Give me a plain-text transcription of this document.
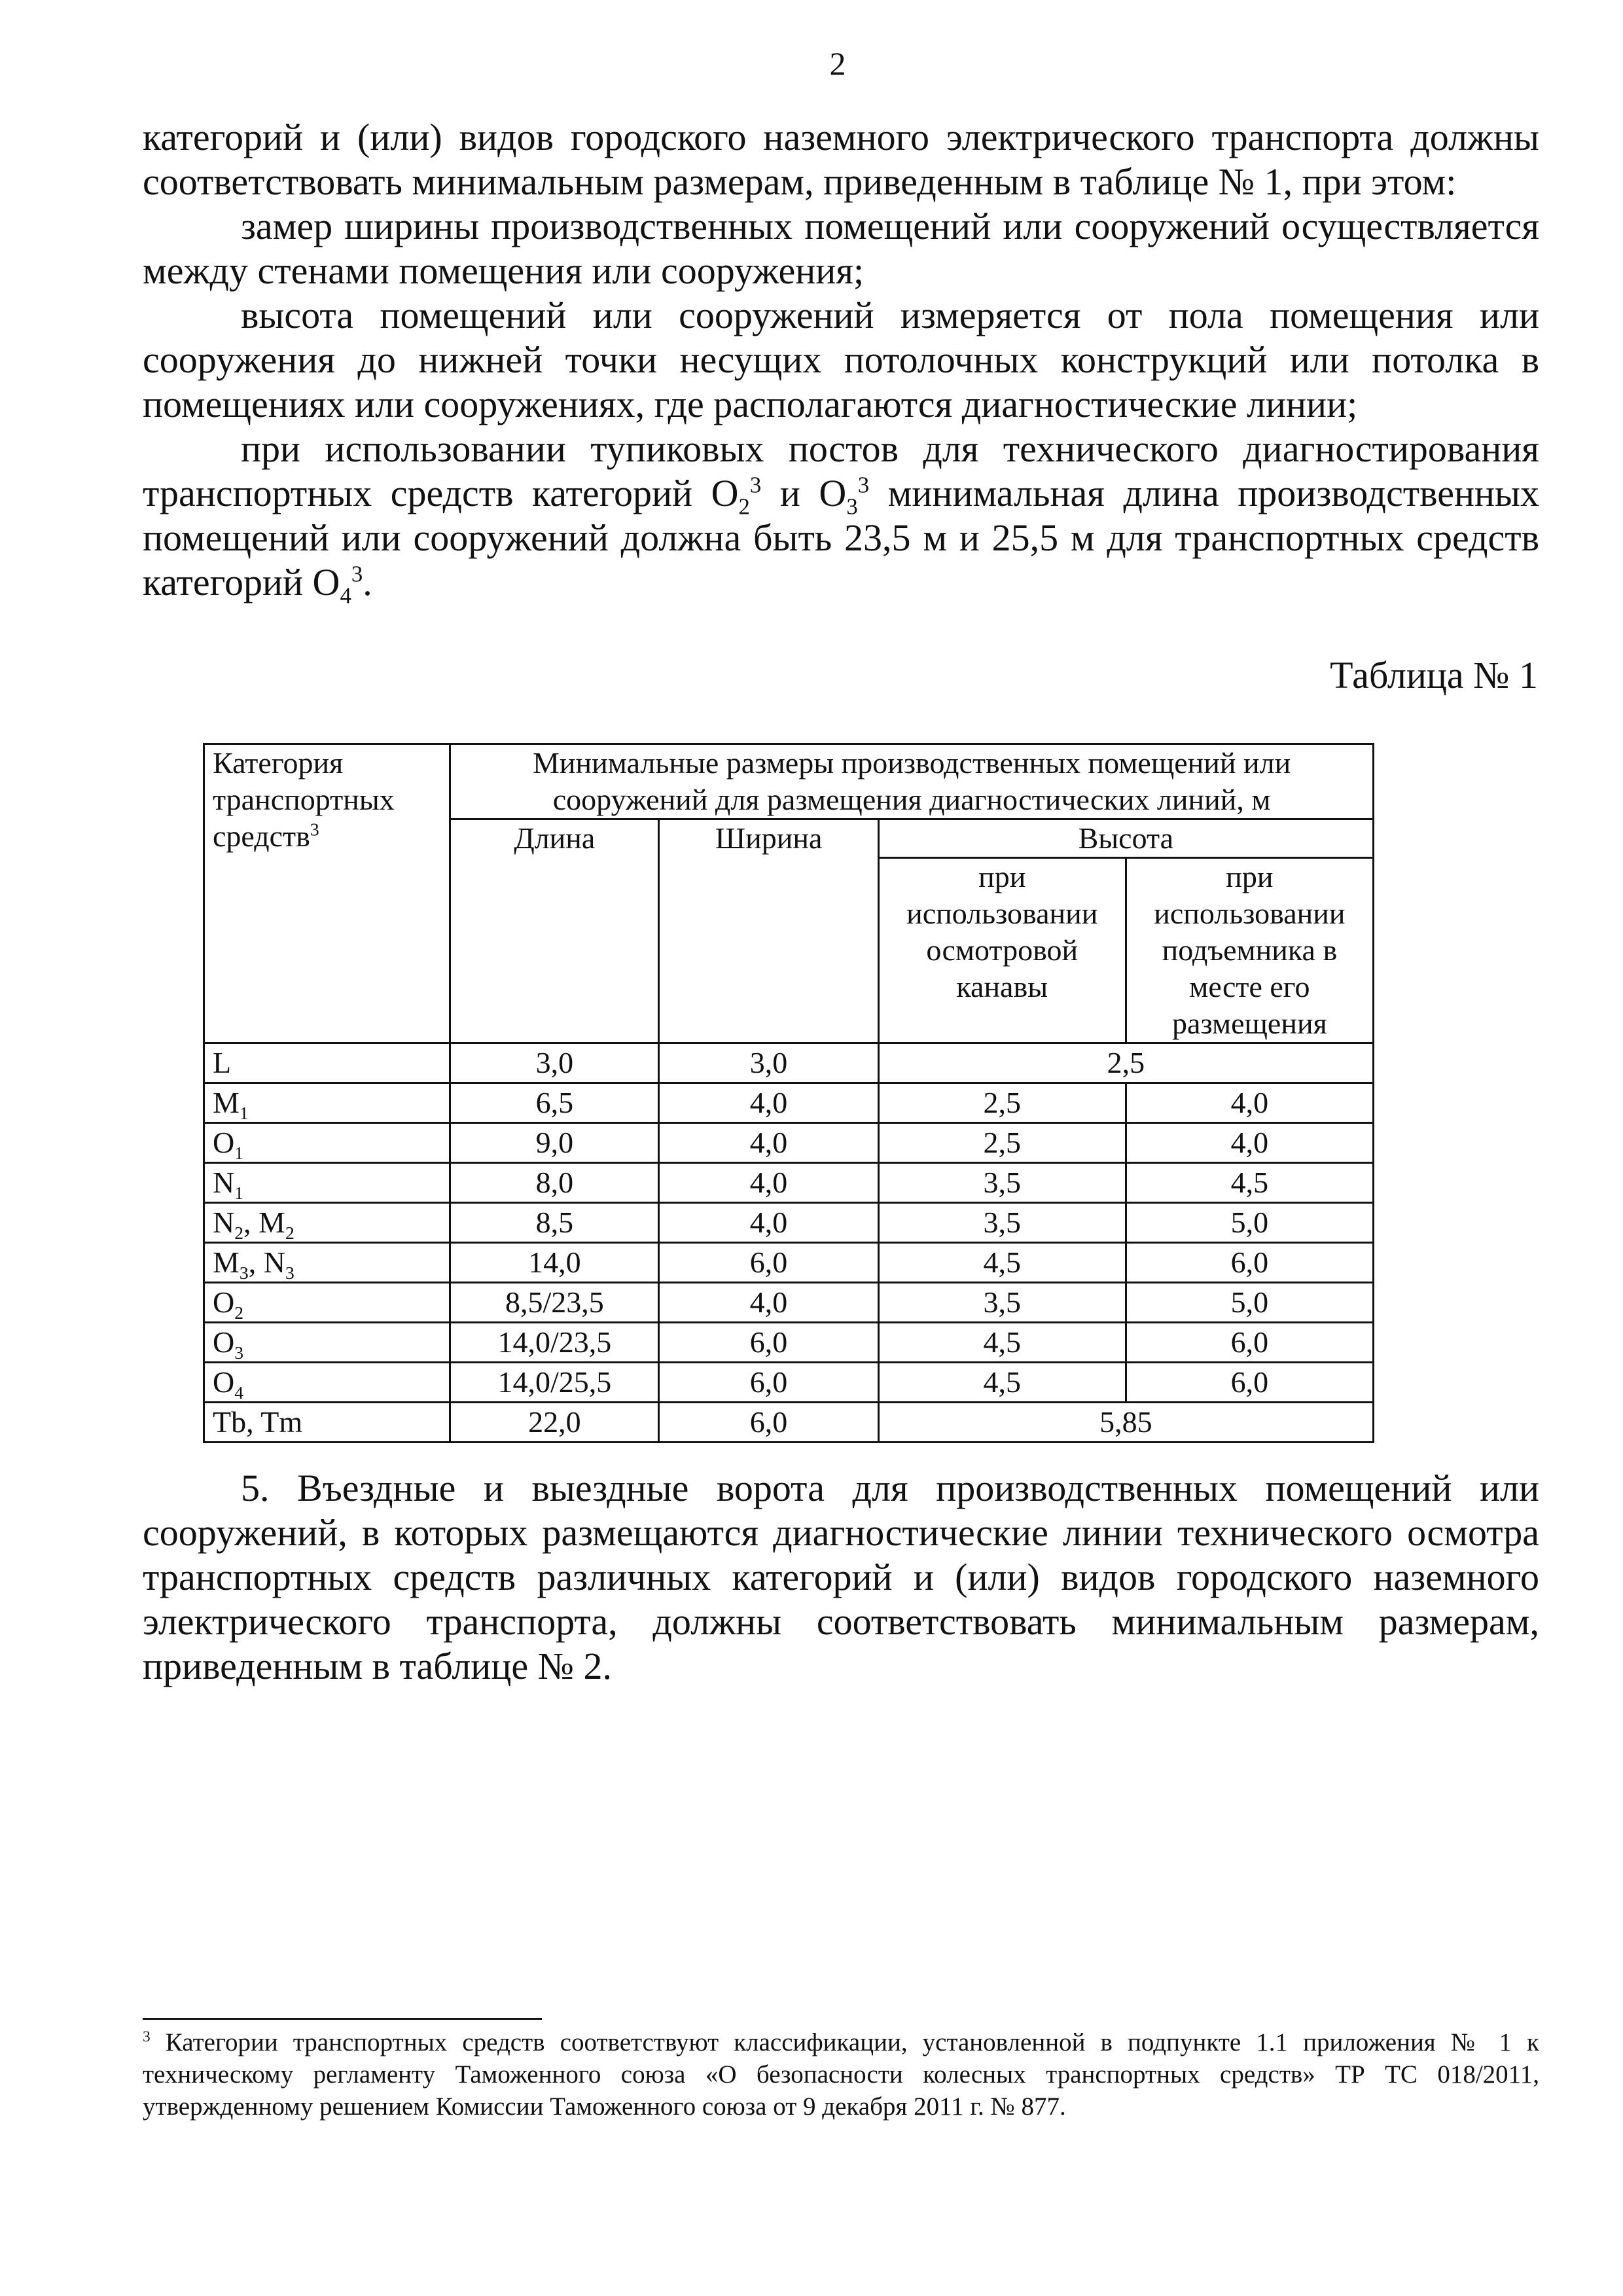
2

категорий и (или) видов городского наземного электрического транспорта должны соответствовать минимальным размерам, приведенным в таблице № 1, при этом:

замер ширины производственных помещений или сооружений осуществляется между стенами помещения или сооружения;

высота помещений или сооружений измеряется от пола помещения или сооружения до нижней точки несущих потолочных конструкций или потолка в помещениях или сооружениях, где располагаются диагностические линии;

при использовании тупиковых постов для технического диагностирования транспортных средств категорий $О_2^3$ и $О_3^3$ минимальная длина производственных помещений или сооружений должна быть 23,5 м и 25,5 м для транспортных средств категорий $О_4^3$.

Таблица № 1
Категория транспортных средств$^3$	Минимальные размеры производственных помещений или сооружений для размещения диагностических линий, м			
	Длина	Ширина	Высота	
			при использовании осмотровой канавы	при использовании подъемника в месте его размещения
L	3,0	3,0	2,5	
$M_1$	6,5	4,0	2,5	4,0
$O_1$	9,0	4,0	2,5	4,0
$N_1$	8,0	4,0	3,5	4,5
$N_2$, $M_2$	8,5	4,0	3,5	5,0
$M_3$, $N_3$	14,0	6,0	4,5	6,0
$O_2$	8,5/23,5	4,0	3,5	5,0
$O_3$	14,0/23,5	6,0	4,5	6,0
$O_4$	14,0/25,5	6,0	4,5	6,0
Tb, Tm	22,0	6,0	5,85	

5. Въездные и выездные ворота для производственных помещений или сооружений, в которых размещаются диагностические линии технического осмотра транспортных средств различных категорий и (или) видов городского наземного электрического транспорта, должны соответствовать минимальным размерам, приведенным в таблице № 2.

$^3$ Категории транспортных средств соответствуют классификации, установленной в подпункте 1.1 приложения № 1 к техническому регламенту Таможенного союза «О безопасности колесных транспортных средств» ТР ТС 018/2011, утвержденному решением Комиссии Таможенного союза от 9 декабря 2011 г. № 877.
